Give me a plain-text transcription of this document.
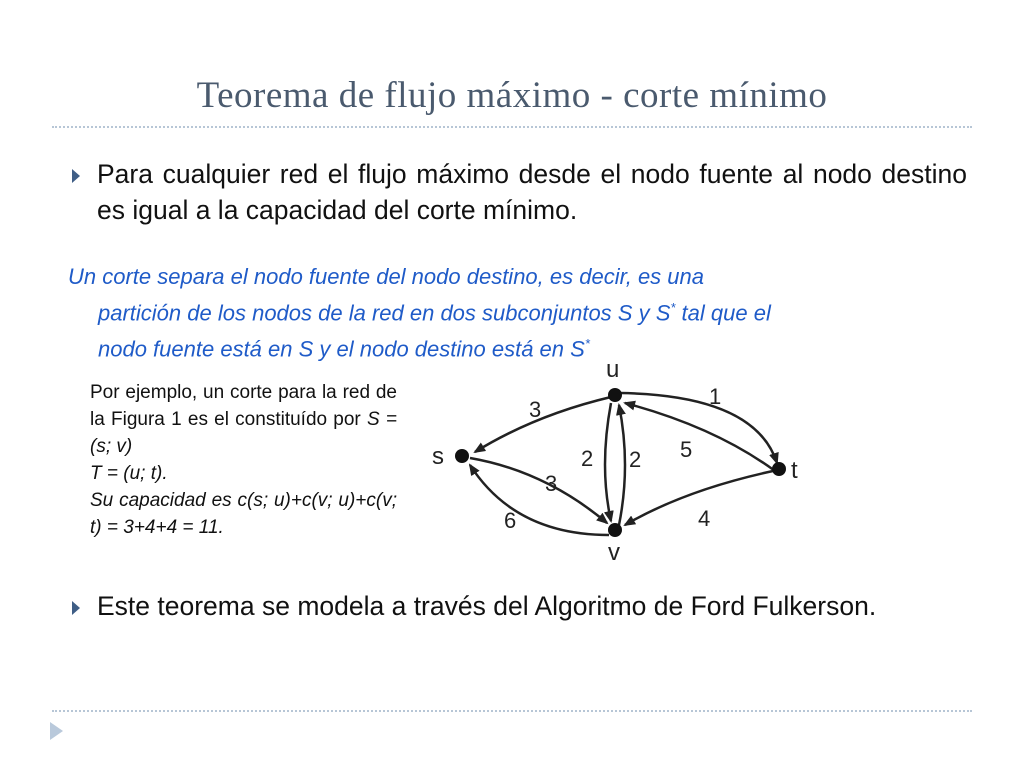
Teorema de flujo máximo - corte mínimo
Para cualquier red el flujo máximo desde el nodo fuente al nodo destino es igual a la capacidad del corte mínimo.
Un corte separa el nodo fuente del nodo destino, es decir, es una
partición de los nodos de la red en dos subconjuntos S y S* tal que el
nodo fuente está en S y el nodo destino está en S*
Por ejemplo, un corte para la red de la Figura 1 es el constituído por S =(s; v)
T = (u; t).
Su capacidad es c(s; u)+c(v; u)+c(v; t) = 3+4+4 = 11.
u
s
t
v
3
1
5
2 2
3
6	4
Este teorema se modela a través del Algoritmo de Ford Fulkerson.
